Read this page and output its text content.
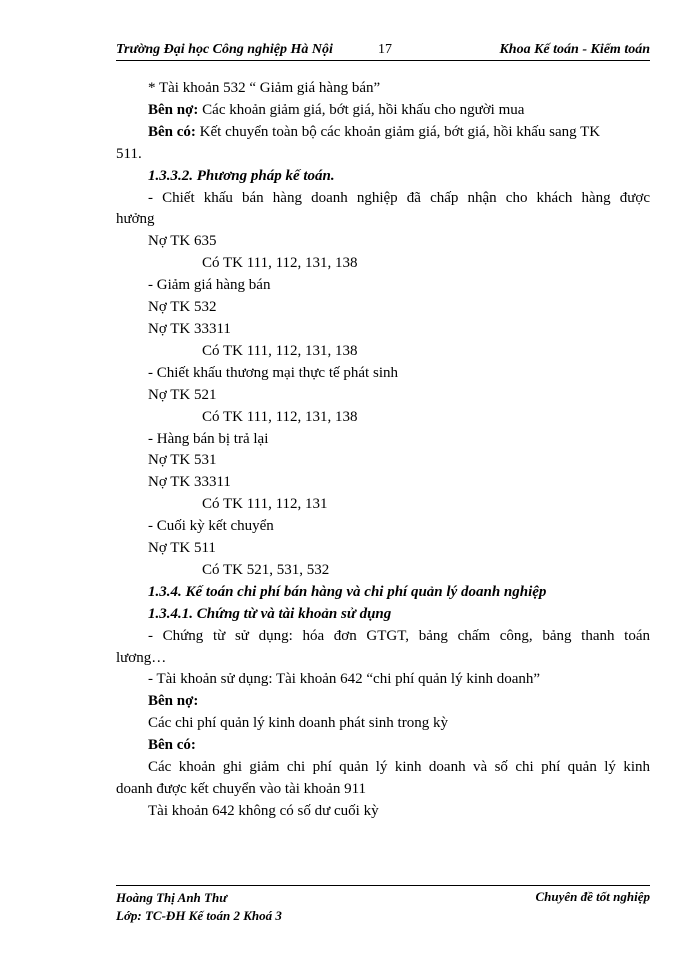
Trường Đại học Công nghiệp Hà Nội	17	Khoa Kế toán - Kiểm toán

* Tài khoản 532 “ Giảm giá hàng bán”

Bên nợ: Các khoản giảm giá, bớt giá, hồi khấu cho người mua

Bên có: Kết chuyển toàn bộ các khoản giảm giá, bớt giá, hồi khấu sang TK

511.

1.3.3.2. Phương pháp kế toán.

- Chiết khấu bán hàng doanh nghiệp đã chấp nhận cho khách hàng được

hưởng

Nợ TK 635

Có TK 111, 112, 131, 138

- Giảm giá hàng bán

Nợ TK 532

Nợ TK 33311

Có TK 111, 112, 131, 138

- Chiết khấu thương mại thực tế phát sinh

Nợ TK 521

Có TK 111, 112, 131, 138

- Hàng bán bị trả lại

Nợ TK 531

Nợ TK 33311

Có TK 111, 112, 131

- Cuối kỳ kết chuyển

Nợ TK 511

Có TK 521, 531, 532

1.3.4. Kế toán chi phí bán hàng và chi phí quản lý doanh nghiệp

1.3.4.1. Chứng từ và tài khoản sử dụng

- Chứng từ sử dụng: hóa đơn GTGT, bảng chấm công, bảng thanh toán

lương…

- Tài khoản sử dụng: Tài khoản 642 “chi phí quản lý kinh doanh”

Bên nợ:

Các chi phí quản lý kinh doanh phát sinh trong kỳ

Bên có:

Các khoản ghi giảm chi phí quản lý kinh doanh và số chi phí quản lý kinh

doanh được kết chuyển vào tài khoản 911

Tài khoản 642 không có số dư cuối kỳ

Hoàng Thị Anh Thư
Lớp: TC-ĐH Kế toán 2 Khoá 3
Chuyên đề tốt nghiệp
